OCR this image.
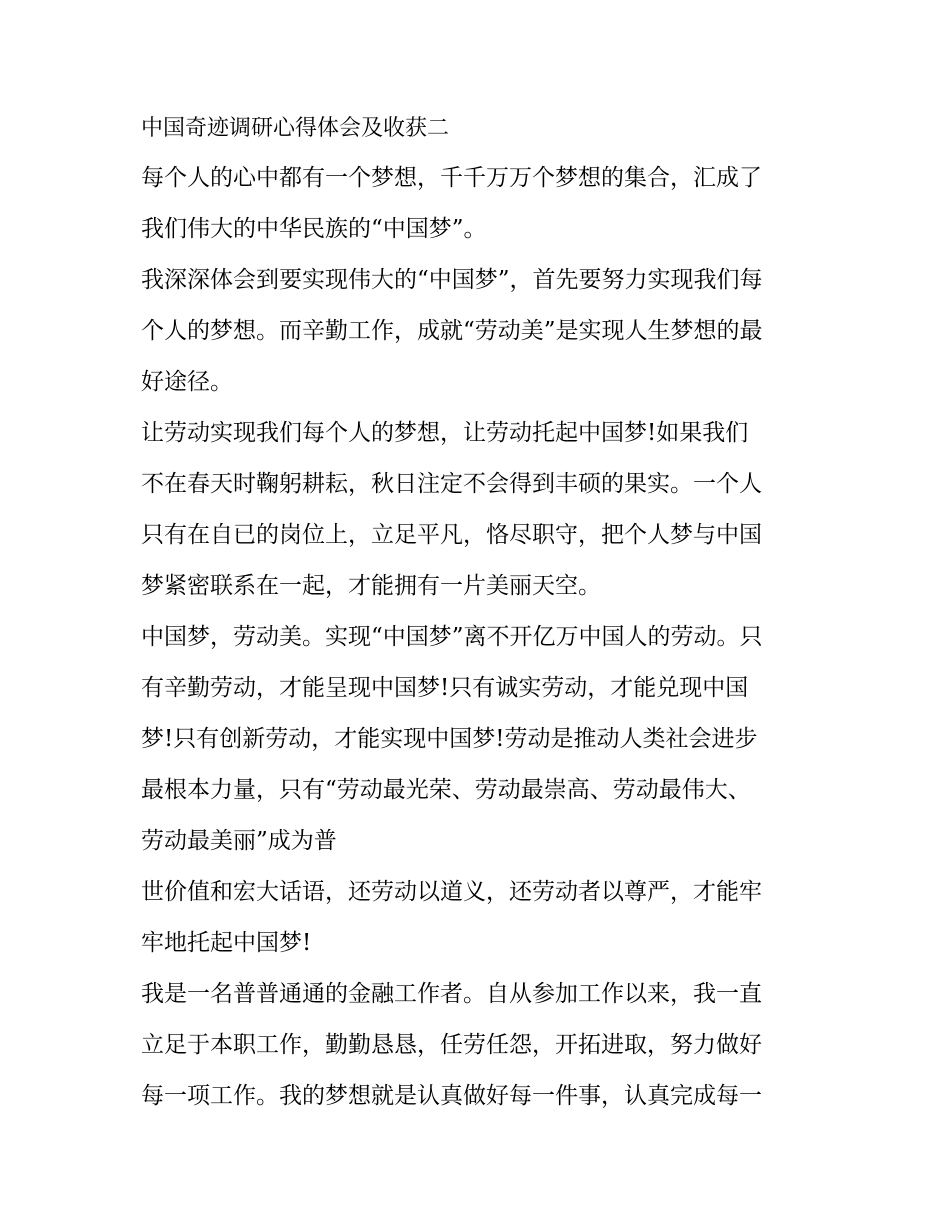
中国奇迹调研心得体会及收获二
每个人的心中都有一个梦想，千千万万个梦想的集合，汇成了
我们伟大的中华民族的“中国梦”。
我深深体会到要实现伟大的“中国梦”，首先要努力实现我们每
个人的梦想。而辛勤工作，成就“劳动美”是实现人生梦想的最
好途径。
让劳动实现我们每个人的梦想，让劳动托起中国梦!如果我们
不在春天时鞠躬耕耘，秋日注定不会得到丰硕的果实。一个人
只有在自已的岗位上，立足平凡，恪尽职守，把个人梦与中国
梦紧密联系在一起，才能拥有一片美丽天空。
中国梦，劳动美。实现“中国梦”离不开亿万中国人的劳动。只
有辛勤劳动，才能呈现中国梦!只有诚实劳动，才能兑现中国
梦!只有创新劳动，才能实现中国梦!劳动是推动人类社会进步
最根本力量，只有“劳动最光荣、劳动最崇高、劳动最伟大、
劳动最美丽”成为普
世价值和宏大话语，还劳动以道义，还劳动者以尊严，才能牢
牢地托起中国梦!
我是一名普普通通的金融工作者。自从参加工作以来，我一直
立足于本职工作，勤勤恳恳，任劳任怨，开拓进取，努力做好
每一项工作。我的梦想就是认真做好每一件事，认真完成每一
